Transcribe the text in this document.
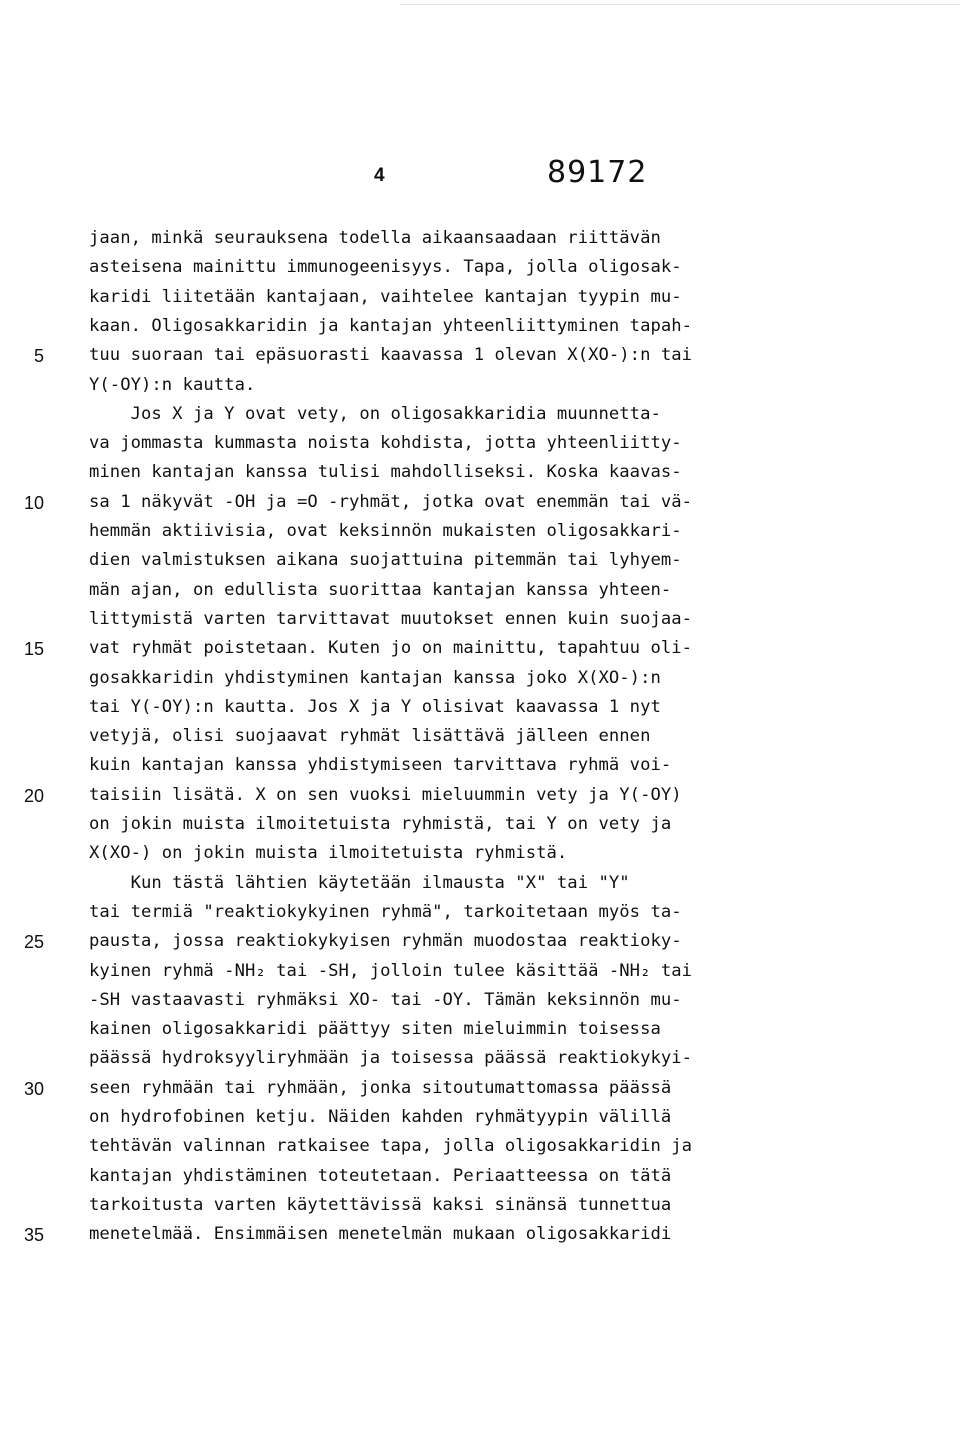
4	89172
jaan, minkä seurauksena todella aikaansaadaan riittävän
asteisena mainittu immunogeenisyys. Tapa, jolla oligosak-
karidi liitetään kantajaan, vaihtelee kantajan tyypin mu-
kaan. Oligosakkaridin ja kantajan yhteenliittyminen tapah-
tuu suoraan tai epäsuorasti kaavassa 1 olevan X(XO-):n tai
Y(-OY):n kautta.
Jos X ja Y ovat vety, on oligosakkaridia muunnetta-
va jommasta kummasta noista kohdista, jotta yhteenliitty-
minen kantajan kanssa tulisi mahdolliseksi. Koska kaavas-
sa 1 näkyvät -OH ja =O -ryhmät, jotka ovat enemmän tai vä-
hemmän aktiivisia, ovat keksinnön mukaisten oligosakkari-
dien valmistuksen aikana suojattuina pitemmän tai lyhyem-
män ajan, on edullista suorittaa kantajan kanssa yhteen-
littymistä varten tarvittavat muutokset ennen kuin suojaa-
vat ryhmät poistetaan. Kuten jo on mainittu, tapahtuu oli-
gosakkaridin yhdistyminen kantajan kanssa joko X(XO-):n
tai Y(-OY):n kautta. Jos X ja Y olisivat kaavassa 1 nyt
vetyjä, olisi suojaavat ryhmät lisättävä jälleen ennen
kuin kantajan kanssa yhdistymiseen tarvittava ryhmä voi-
taisiin lisätä. X on sen vuoksi mieluummin vety ja Y(-OY)
on jokin muista ilmoitetuista ryhmistä, tai Y on vety ja
X(XO-) on jokin muista ilmoitetuista ryhmistä.
Kun tästä lähtien käytetään ilmausta "X" tai "Y"
tai termiä "reaktiokykyinen ryhmä", tarkoitetaan myös ta-
pausta, jossa reaktiokykyisen ryhmän muodostaa reaktioky-
kyinen ryhmä -NH₂ tai -SH, jolloin tulee käsittää -NH₂ tai
-SH vastaavasti ryhmäksi XO- tai -OY. Tämän keksinnön mu-
kainen oligosakkaridi päättyy siten mieluimmin toisessa
päässä hydroksyyliryhmään ja toisessa päässä reaktiokykyi-
seen ryhmään tai ryhmään, jonka sitoutumattomassa päässä
on hydrofobinen ketju. Näiden kahden ryhmätyypin välillä
tehtävän valinnan ratkaisee tapa, jolla oligosakkaridin ja
kantajan yhdistäminen toteutetaan. Periaatteessa on tätä
tarkoitusta varten käytettävissä kaksi sinänsä tunnettua
menetelmää. Ensimmäisen menetelmän mukaan oligosakkaridi
5
10
15
20
25
30
35
